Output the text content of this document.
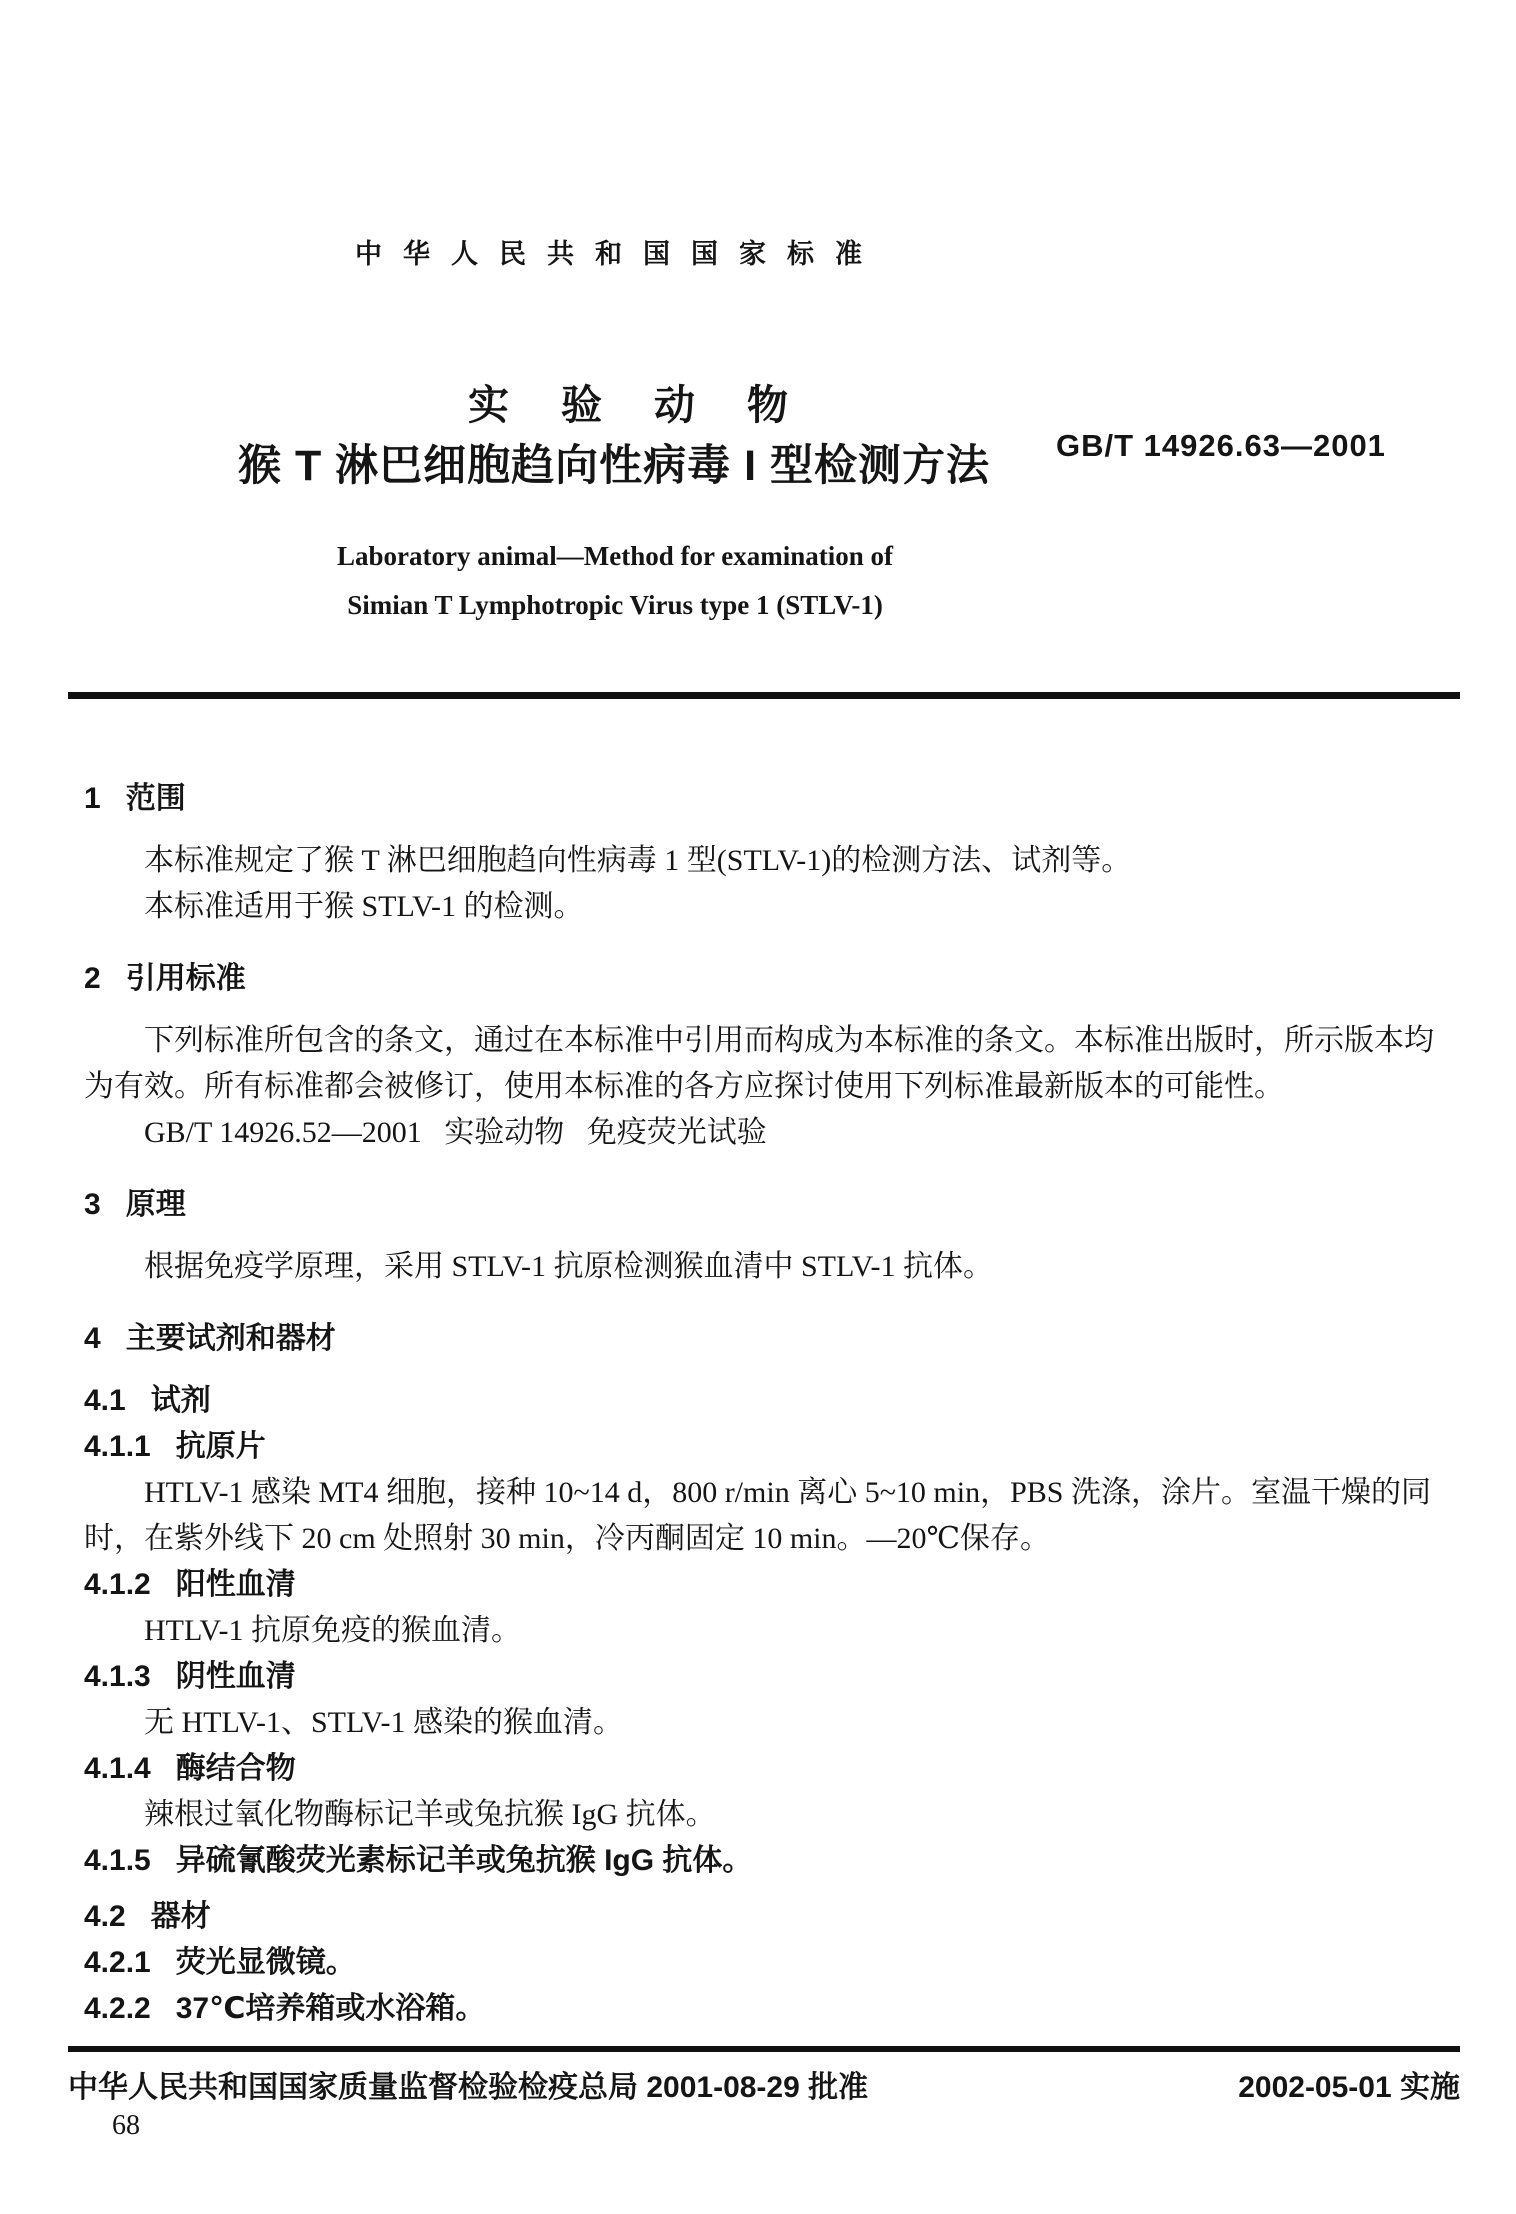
中华人民共和国国家标准
实验动物
猴 T 淋巴细胞趋向性病毒 I 型检测方法 GB/T 14926.63—2001
Laboratory animal—Method for examination of
Simian T Lymphotropic Virus type 1 (STLV-1)
1   范围
本标准规定了猴 T 淋巴细胞趋向性病毒 1 型(STLV-1)的检测方法、试剂等。
本标准适用于猴 STLV-1 的检测。
2   引用标准
下列标准所包含的条文，通过在本标准中引用而构成为本标准的条文。本标准出版时，所示版本均为有效。所有标准都会被修订，使用本标准的各方应探讨使用下列标准最新版本的可能性。
GB/T 14926.52—2001   实验动物   免疫荧光试验
3   原理
根据免疫学原理，采用 STLV-1 抗原检测猴血清中 STLV-1 抗体。
4   主要试剂和器材
4.1   试剂
4.1.1   抗原片
HTLV-1 感染 MT4 细胞，接种 10~14 d，800 r/min 离心 5~10 min，PBS 洗涤，涂片。室温干燥的同时，在紫外线下 20 cm 处照射 30 min，冷丙酮固定 10 min。—20℃保存。
4.1.2   阳性血清
HTLV-1 抗原免疫的猴血清。
4.1.3   阴性血清
无 HTLV-1、STLV-1 感染的猴血清。
4.1.4   酶结合物
辣根过氧化物酶标记羊或兔抗猴 IgG 抗体。
4.1.5   异硫氰酸荧光素标记羊或兔抗猴 IgG 抗体。
4.2   器材
4.2.1   荧光显微镜。
4.2.2   37℃培养箱或水浴箱。
中华人民共和国国家质量监督检验检疫总局 2001-08-29 批准	2002-05-01 实施
68
